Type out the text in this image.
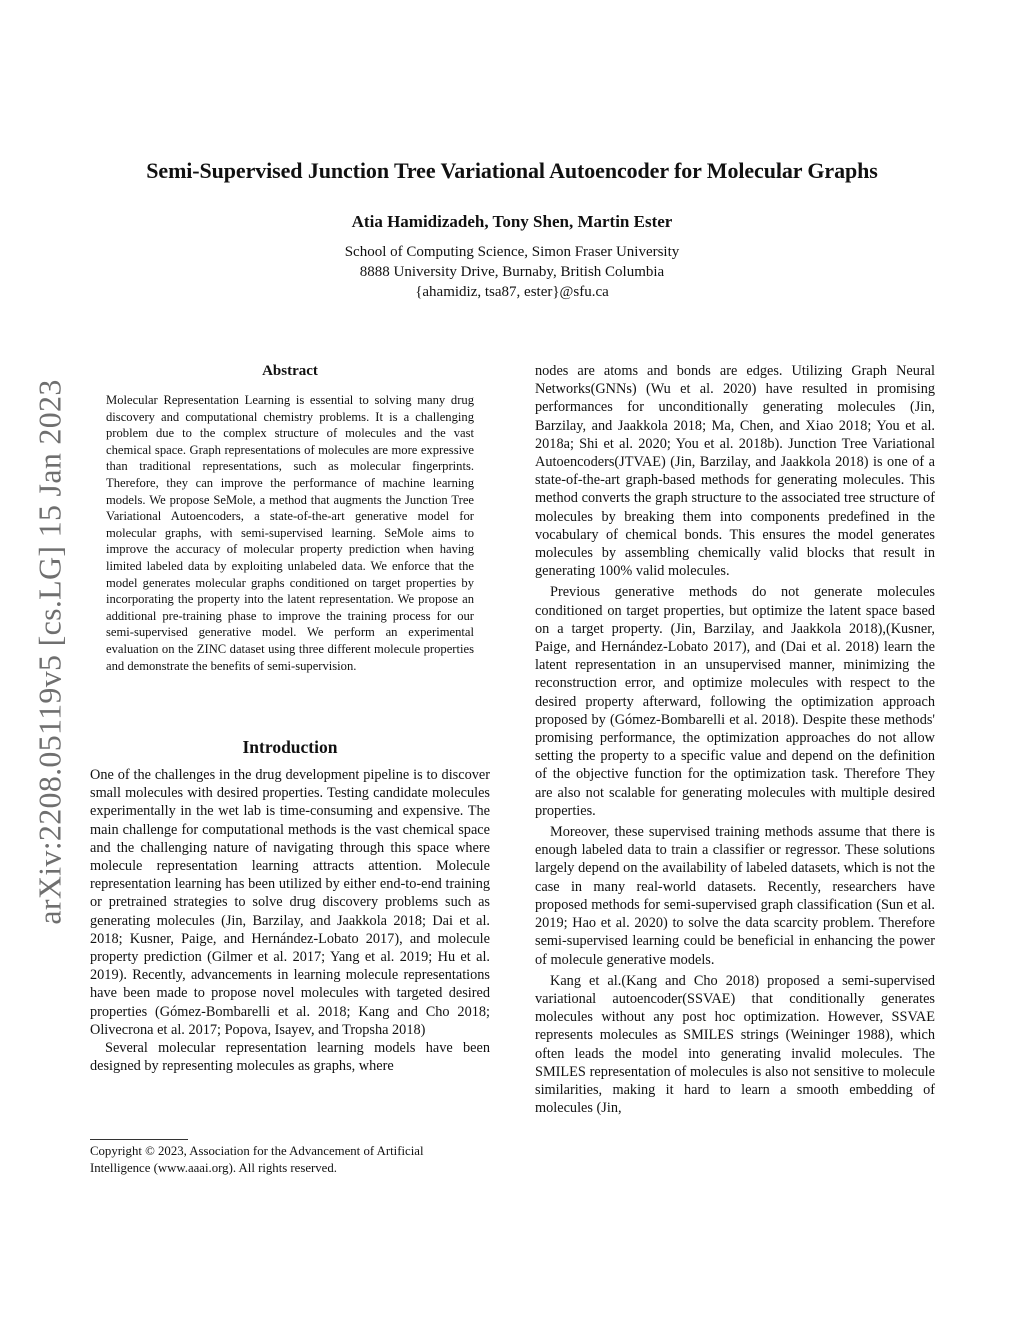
Semi-Supervised Junction Tree Variational Autoencoder for Molecular Graphs
Atia Hamidizadeh, Tony Shen, Martin Ester
School of Computing Science, Simon Fraser University
8888 University Drive, Burnaby, British Columbia
{ahamidiz, tsa87, ester}@sfu.ca
arXiv:2208.05119v5 [cs.LG] 15 Jan 2023
Abstract
Molecular Representation Learning is essential to solving many drug discovery and computational chemistry problems. It is a challenging problem due to the complex structure of molecules and the vast chemical space. Graph representations of molecules are more expressive than traditional representations, such as molecular fingerprints. Therefore, they can improve the performance of machine learning models. We propose SeMole, a method that augments the Junction Tree Variational Autoencoders, a state-of-the-art generative model for molecular graphs, with semi-supervised learning. SeMole aims to improve the accuracy of molecular property prediction when having limited labeled data by exploiting unlabeled data. We enforce that the model generates molecular graphs conditioned on target properties by incorporating the property into the latent representation. We propose an additional pre-training phase to improve the training process for our semi-supervised generative model. We perform an experimental evaluation on the ZINC dataset using three different molecule properties and demonstrate the benefits of semi-supervision.
Introduction

One of the challenges in the drug development pipeline is to discover small molecules with desired properties. Testing candidate molecules experimentally in the wet lab is time-consuming and expensive. The main challenge for computational methods is the vast chemical space and the challenging nature of navigating through this space where molecule representation learning attracts attention. Molecule representation learning has been utilized by either end-to-end training or pretrained strategies to solve drug discovery problems such as generating molecules (Jin, Barzilay, and Jaakkola 2018; Dai et al. 2018; Kusner, Paige, and Hernández-Lobato 2017), and molecule property prediction (Gilmer et al. 2017; Yang et al. 2019; Hu et al. 2019). Recently, advancements in learning molecule representations have been made to propose novel molecules with targeted desired properties (Gómez-Bombarelli et al. 2018; Kang and Cho 2018; Olivecrona et al. 2017; Popova, Isayev, and Tropsha 2018)

Several molecular representation learning models have been designed by representing molecules as graphs, where

Copyright © 2023, Association for the Advancement of Artificial
Intelligence (www.aaai.org). All rights reserved.

nodes are atoms and bonds are edges. Utilizing Graph Neural Networks(GNNs) (Wu et al. 2020) have resulted in promising performances for unconditionally generating molecules (Jin, Barzilay, and Jaakkola 2018; Ma, Chen, and Xiao 2018; You et al. 2018a; Shi et al. 2020; You et al. 2018b). Junction Tree Variational Autoencoders(JTVAE) (Jin, Barzilay, and Jaakkola 2018) is one of a state-of-the-art graph-based methods for generating molecules. This method converts the graph structure to the associated tree structure of molecules by breaking them into components predefined in the vocabulary of chemical bonds. This ensures the model generates molecules by assembling chemically valid blocks that result in generating 100% valid molecules.

Previous generative methods do not generate molecules conditioned on target properties, but optimize the latent space based on a target property. (Jin, Barzilay, and Jaakkola 2018),(Kusner, Paige, and Hernández-Lobato 2017), and (Dai et al. 2018) learn the latent representation in an unsupervised manner, minimizing the reconstruction error, and optimize molecules with respect to the desired property afterward, following the optimization approach proposed by (Gómez-Bombarelli et al. 2018). Despite these methods' promising performance, the optimization approaches do not allow setting the property to a specific value and depend on the definition of the objective function for the optimization task. Therefore They are also not scalable for generating molecules with multiple desired properties.

Moreover, these supervised training methods assume that there is enough labeled data to train a classifier or regressor. These solutions largely depend on the availability of labeled datasets, which is not the case in many real-world datasets. Recently, researchers have proposed methods for semi-supervised graph classification (Sun et al. 2019; Hao et al. 2020) to solve the data scarcity problem. Therefore semi-supervised learning could be beneficial in enhancing the power of molecule generative models.

Kang et al.(Kang and Cho 2018) proposed a semi-supervised variational autoencoder(SSVAE) that conditionally generates molecules without any post hoc optimization. However, SSVAE represents molecules as SMILES strings (Weininger 1988), which often leads the model into generating invalid molecules. The SMILES representation of molecules is also not sensitive to molecule similarities, making it hard to learn a smooth embedding of molecules (Jin,
